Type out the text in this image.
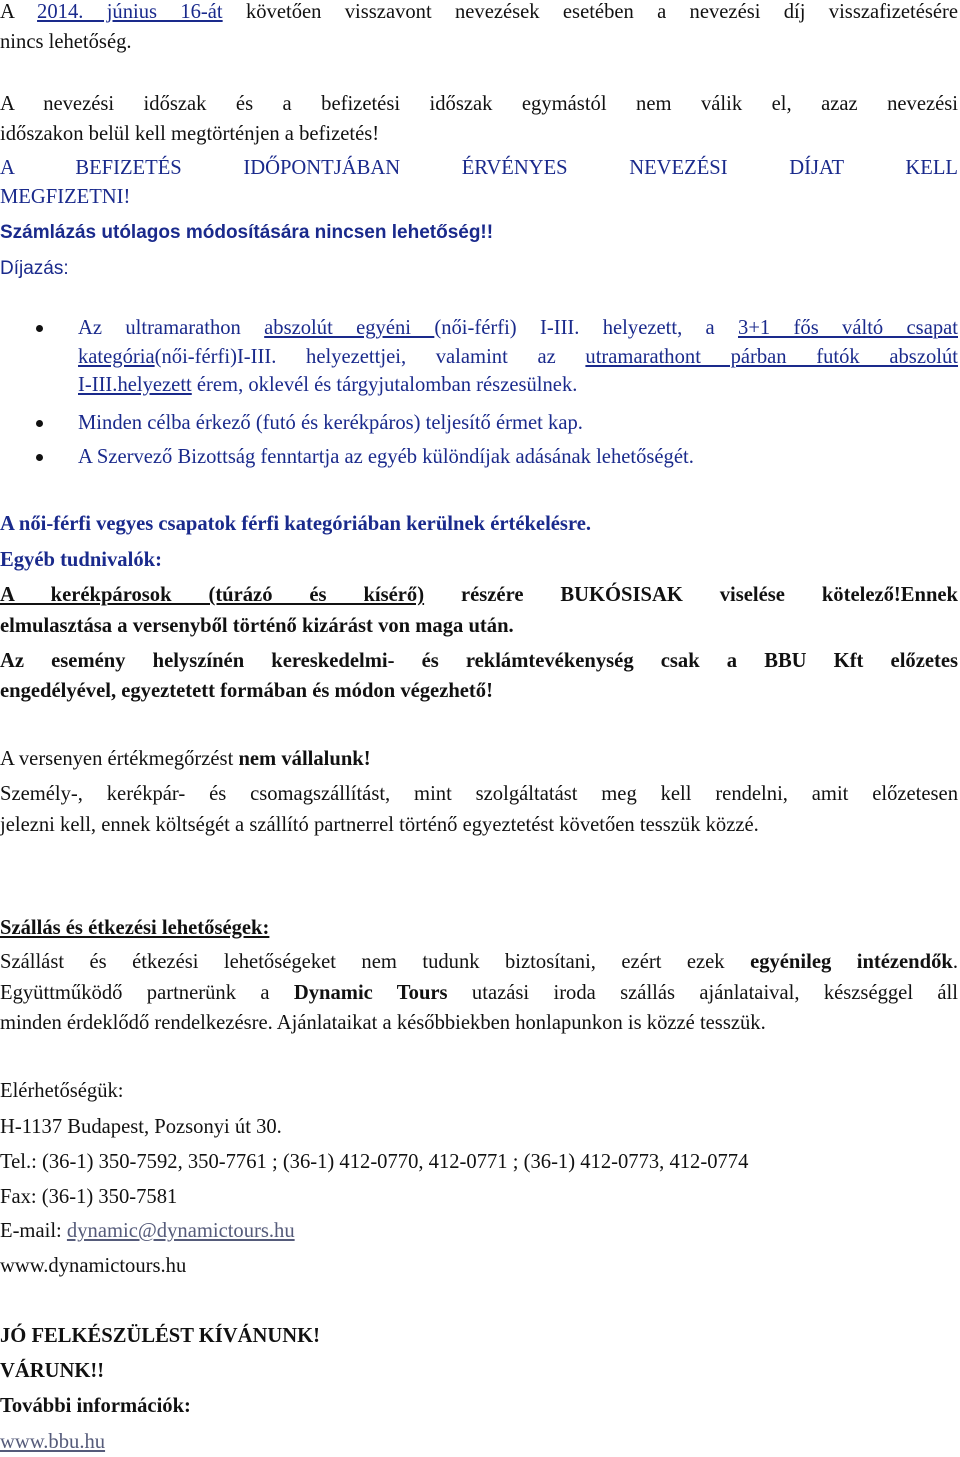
A 2014. június 16-át követően visszavont nevezések esetében a nevezési díj visszafizetésére
nincs lehetőség.
A nevezési időszak és a befizetési időszak egymástól nem válik el, azaz nevezési
időszakon belül kell megtörténjen a befizetés!
A BEFIZETÉS IDŐPONTJÁBAN ÉRVÉNYES NEVEZÉSI DÍJAT KELL
MEGFIZETNI!
Számlázás utólagos módosítására nincsen lehetőség!!
Díjazás:
Az ultramarathon abszolút egyéni (női-férfi) I-III. helyezett, a 3+1 fős váltó csapat
kategória(női-férfi)I-III. helyezettjei, valamint az utramarathont párban futók abszolút
I-III.helyezett érem, oklevél és tárgyjutalomban részesülnek.
Minden célba érkező (futó és kerékpáros) teljesítő érmet kap.
A Szervező Bizottság fenntartja az egyéb különdíjak adásának lehetőségét.
A női-férfi vegyes csapatok férfi kategóriában kerülnek értékelésre.
Egyéb tudnivalók:
A kerékpárosok (túrázó és kísérő) részére BUKÓSISAK viselése kötelező!Ennek
elmulasztása a versenyből történő kizárást von maga után.
Az esemény helyszínén kereskedelmi- és reklámtevékenység csak a BBU Kft előzetes
engedélyével, egyeztetett formában és módon végezhető!
A versenyen értékmegőrzést nem vállalunk!
Személy-, kerékpár- és csomagszállítást, mint szolgáltatást meg kell rendelni, amit előzetesen
jelezni kell, ennek költségét a szállító partnerrel történő egyeztetést követően tesszük közzé.
Szállás és étkezési lehetőségek:
Szállást és étkezési lehetőségeket nem tudunk biztosítani, ezért ezek egyénileg intézendők.
Együttműködő partnerünk a Dynamic Tours utazási iroda szállás ajánlataival, készséggel áll
minden érdeklődő rendelkezésre. Ajánlataikat a későbbiekben honlapunkon is közzé tesszük.
Elérhetőségük:
H-1137 Budapest, Pozsonyi út 30.
Tel.: (36-1) 350-7592, 350-7761 ; (36-1) 412-0770, 412-0771 ; (36-1) 412-0773, 412-0774
Fax: (36-1) 350-7581
E-mail: dynamic@dynamictours.hu
www.dynamictours.hu
JÓ FELKÉSZÜLÉST KÍVÁNUNK!
VÁRUNK!!
További információk:
www.bbu.hu
